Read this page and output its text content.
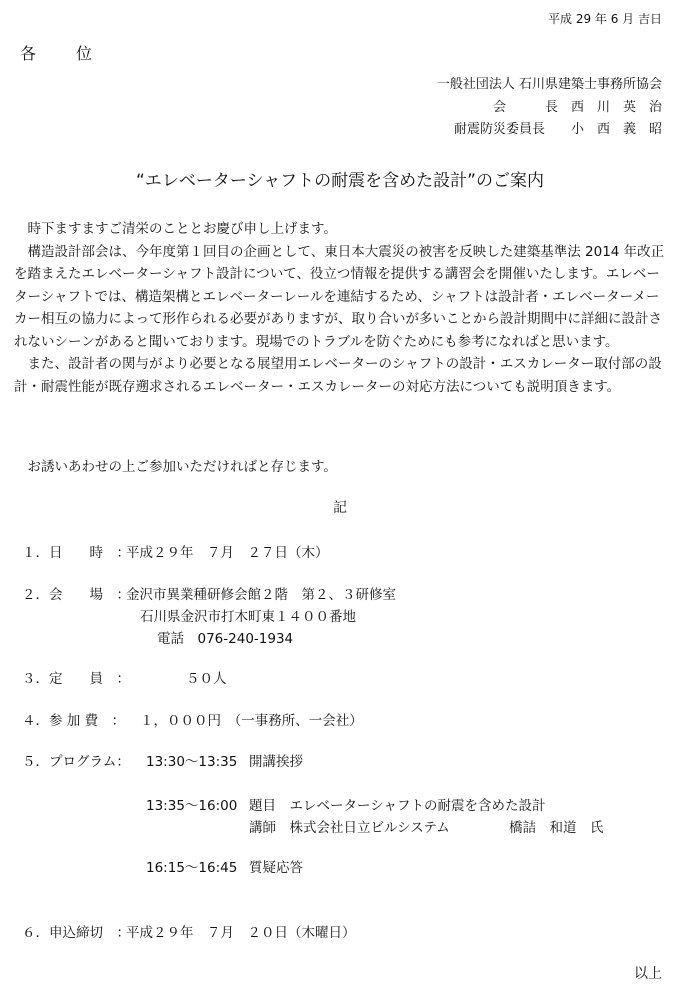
平成 29 年 6 月 吉日
各位
一般社団法人 石川県建築士事務所協会
会　　　長　西　川　英　治
耐震防災委員長　　小　西　義　昭
“エレベーターシャフトの耐震を含めた設計”のご案内

時下ますますご清栄のこととお慶び申し上げます。

構造設計部会は、今年度第１回目の企画として、東日本大震災の被害を反映した建築基準法 2014 年改正を踏まえたエレベーターシャフト設計について、役立つ情報を提供する講習会を開催いたします。エレベーターシャフトでは、構造架構とエレベーターレールを連結するため、シャフトは設計者・エレベーターメーカー相互の協力によって形作られる必要がありますが、取り合いが多いことから設計期間中に詳細に設計されないシーンがあると聞いております。現場でのトラブルを防ぐためにも参考になればと思います。

また、設計者の関与がより必要となる展望用エレベーターのシャフトの設計・エスカレーター取付部の設計・耐震性能が既存遡求されるエレベーター・エスカレーターの対応方法についても説明頂きます。

お誘いあわせの上ご参加いただければと存じます。
記
１．日　　時　：
平成２９年　７月　２７日（木）
２．会　　場　：
金沢市異業種研修会館２階　第２、３研修室
石川県金沢市打木町東１４００番地
電話　076-240-1934
３．定　　員　：	５０人
４．参 加 費　： １，０００円　（一事務所、一会社）
５．プログラム： 13:30～13:35 開講挨拶
13:35～16:00 題目　エレベーターシャフトの耐震を含めた設計
講師　株式会社日立ビルシステム	橋詰　和道　氏
16:15～16:45 質疑応答
６．申込締切　：
平成２９年　７月　２０日（木曜日）
以上
